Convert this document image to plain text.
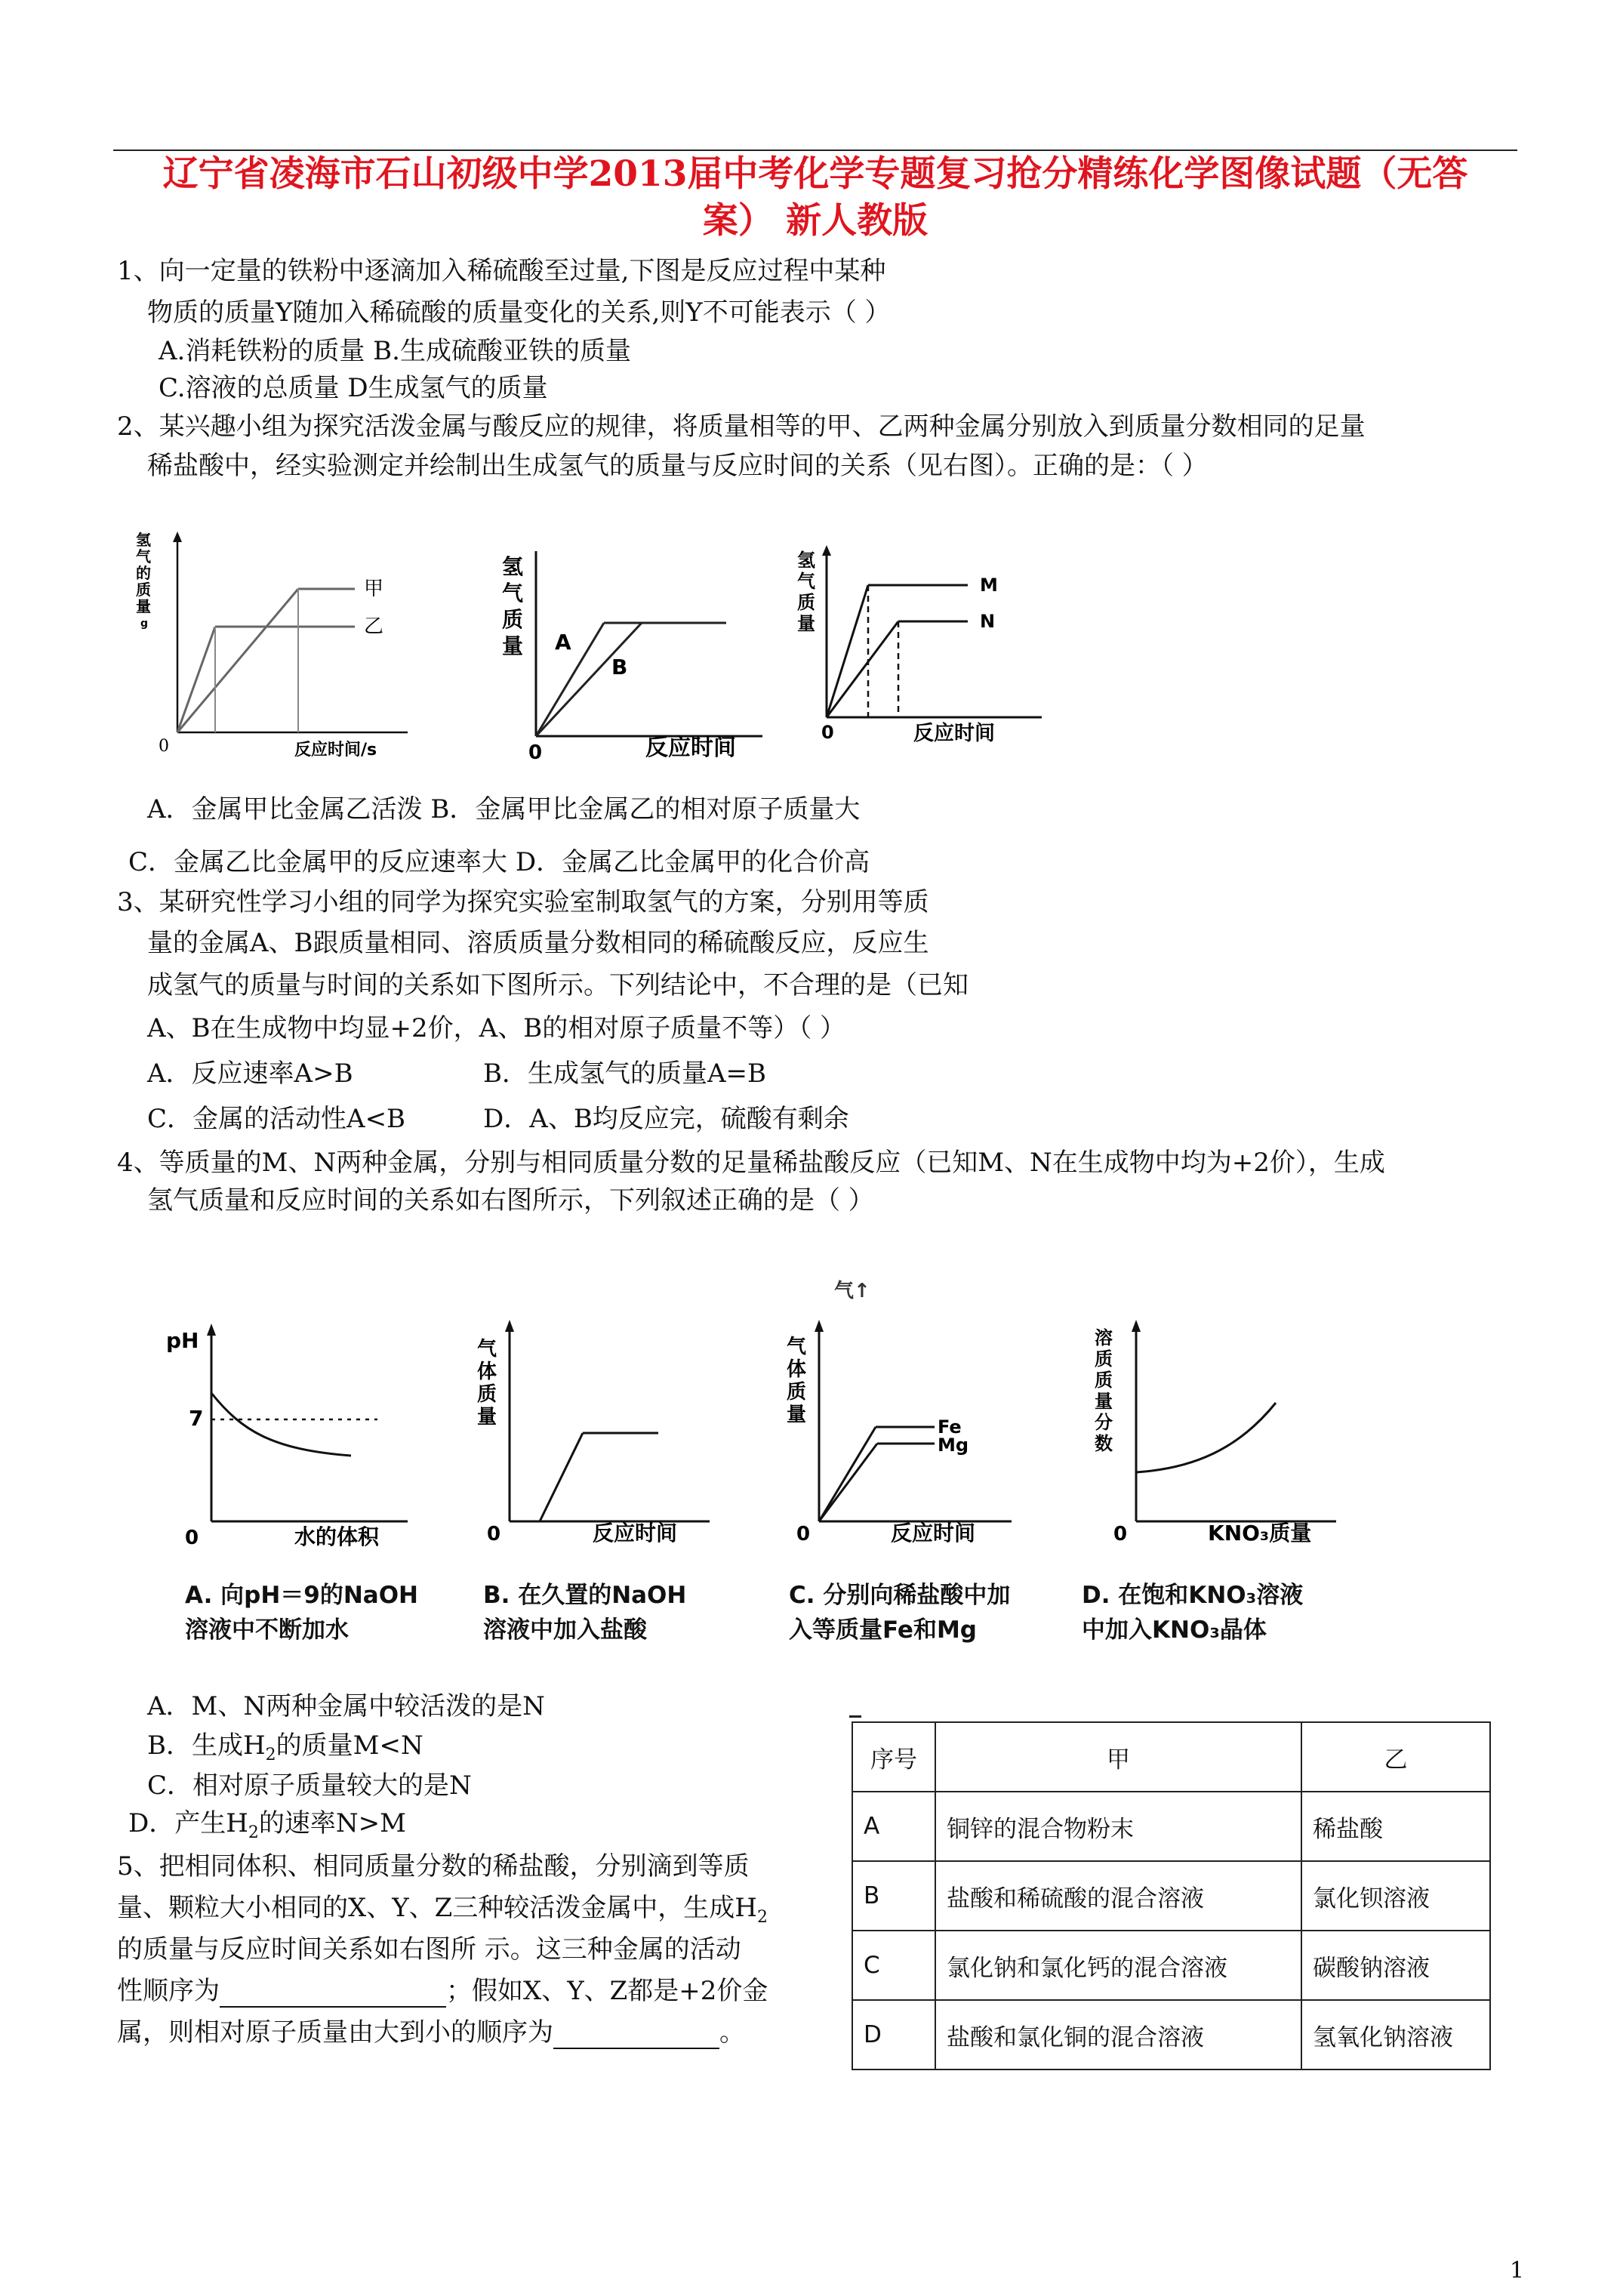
辽宁省凌海市石山初级中学2013届中考化学专题复习抢分精练化学图像试题（无答
案） 新人教版
1、向一定量的铁粉中逐滴加入稀硫酸至过量,下图是反应过程中某种
物质的质量Y随加入稀硫酸的质量变化的关系,则Y不可能表示（ ）
A.消耗铁粉的质量 B.生成硫酸亚铁的质量
C.溶液的总质量 D生成氢气的质量
2、某兴趣小组为探究活泼金属与酸反应的规律，将质量相等的甲、乙两种金属分别放入到质量分数相同的足量
稀盐酸中，经实验测定并绘制出生成氢气的质量与反应时间的关系（见右图）。正确的是：（ ）
甲
乙
0	反应时间/s
氢
气
的
质
量
g
A
B
0	反应时间
氢
气
质
量
M
N
0	反应时间
氢
气
质
量
A．金属甲比金属乙活泼 B．金属甲比金属乙的相对原子质量大
C．金属乙比金属甲的反应速率大 D．金属乙比金属甲的化合价高
3、某研究性学习小组的同学为探究实验室制取氢气的方案，分别用等质
量的金属A、B跟质量相同、溶质质量分数相同的稀硫酸反应，反应生
成氢气的质量与时间的关系如下图所示。下列结论中，不合理的是（已知
A、B在生成物中均显+2价，A、B的相对原子质量不等）（ ）
A．反应速率A>B	B．生成氢气的质量A=B
C．金属的活动性A<B	D．A、B均反应完，硫酸有剩余
4、等质量的M、N两种金属，分别与相同质量分数的足量稀盐酸反应（已知M、N在生成物中均为+2价），生成
氢气质量和反应时间的关系如右图所示，下列叙述正确的是（ ）
pH
7
0	水的体积
气
体
质
量
0	反应时间
气↑
Fe
Mg
气
体
质
量
0	反应时间
溶
质
质
量
分
数
0	KNO₃质量
A. 向pH＝9的NaOH
溶液中不断加水
B. 在久置的NaOH
溶液中加入盐酸
C. 分别向稀盐酸中加
入等质量Fe和Mg
D. 在饱和KNO₃溶液
中加入KNO₃晶体
A．M、N两种金属中较活泼的是N
B．生成$H_2$的质量M<N
C．相对原子质量较大的是N
D．产生$H_2$的速率N>M
5、把相同体积、相同质量分数的稀盐酸，分别滴到等质
量、颗粒大小相同的X、Y、Z三种较活泼金属中，生成$H_2$
的质量与反应时间关系如右图所 示。这三种金属的活动
性顺序为	；假如X、Y、Z都是+2价金
属，则相对原子质量由大到小的顺序为	。
序号	甲	乙
A	铜锌的混合物粉末	稀盐酸
B	盐酸和稀硫酸的混合溶液	氯化钡溶液
C	氯化钠和氯化钙的混合溶液	碳酸钠溶液
D	盐酸和氯化铜的混合溶液	氢氧化钠溶液
1
